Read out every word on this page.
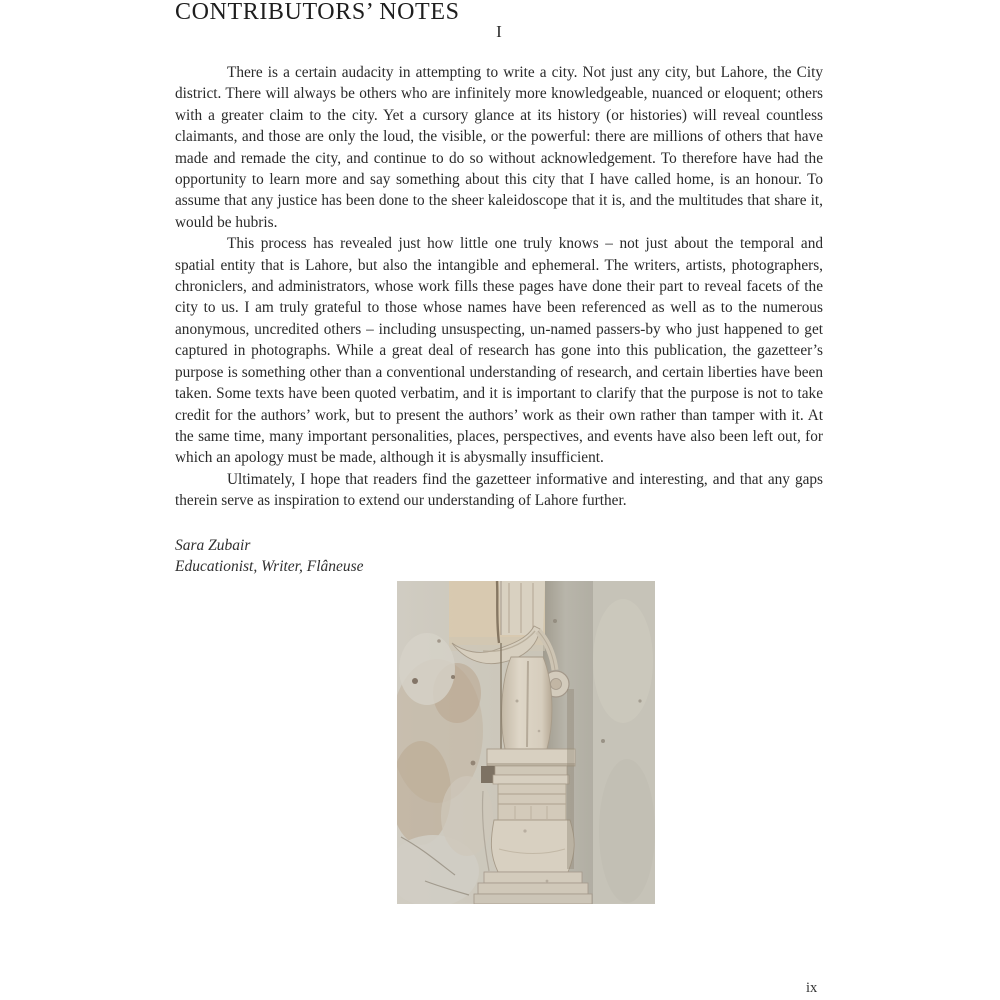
CONTRIBUTORS’ NOTES
I

There is a certain audacity in attempting to write a city. Not just any city, but Lahore, the City district. There will always be others who are infinitely more knowledgeable, nuanced or eloquent; others with a greater claim to the city. Yet a cursory glance at its history (or histories) will reveal countless claimants, and those are only the loud, the visible, or the powerful: there are millions of others that have made and remade the city, and continue to do so without acknowledgement. To therefore have had the opportunity to learn more and say something about this city that I have called home, is an honour. To assume that any justice has been done to the sheer kaleidoscope that it is, and the multitudes that share it, would be hubris.

This process has revealed just how little one truly knows – not just about the temporal and spatial entity that is Lahore, but also the intangible and ephemeral. The writers, artists, photographers, chroniclers, and administrators, whose work fills these pages have done their part to reveal facets of the city to us. I am truly grateful to those whose names have been referenced as well as to the numerous anonymous, uncredited others – including unsuspecting, un-named passers-by who just happened to get captured in photographs. While a great deal of research has gone into this publication, the gazetteer’s purpose is something other than a conventional understanding of research, and certain liberties have been taken. Some texts have been quoted verbatim, and it is important to clarify that the purpose is not to take credit for the authors’ work, but to present the authors’ work as their own rather than tamper with it. At the same time, many important personalities, places, perspectives, and events have also been left out, for which an apology must be made, although it is abysmally insufficient.

Ultimately, I hope that readers find the gazetteer informative and interesting, and that any gaps therein serve as inspiration to extend our understanding of Lahore further.

Sara Zubair
Educationist, Writer, Flâneuse
ix
